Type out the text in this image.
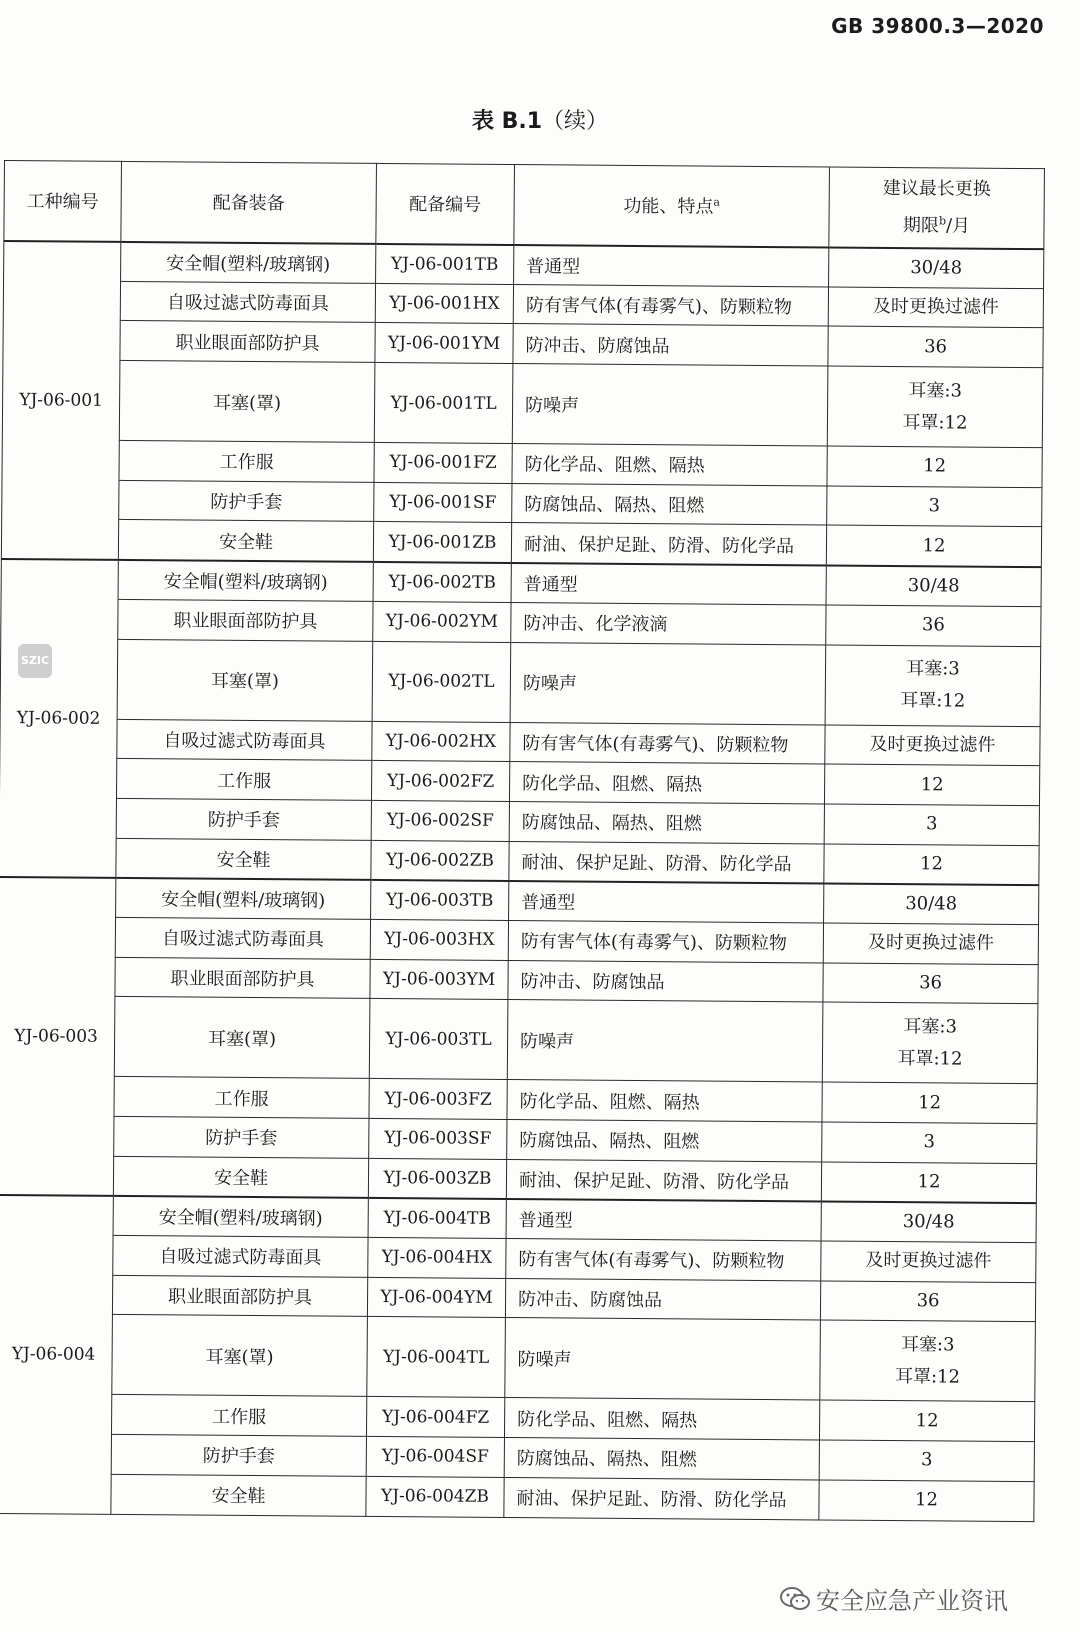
GB 39800.3—2020
表 B.1（续）
工种编号	配备装备	配备编号	功能、特点$^a$	建议最长更换
期限$^b$/月

YJ-06-001	安全帽(塑料/玻璃钢)	YJ-06-001TB	普通型	30/48

	自吸过滤式防毒面具	YJ-06-001HX	防有害气体(有毒雾气)、防颗粒物	及时更换过滤件

	职业眼面部防护具	YJ-06-001YM	防冲击、防腐蚀品	36

	耳塞(罩)	YJ-06-001TL	防噪声	耳塞:3
耳罩:12

	工作服	YJ-06-001FZ	防化学品、阻燃、隔热	12

	防护手套	YJ-06-001SF	防腐蚀品、隔热、阻燃	3

	安全鞋	YJ-06-001ZB	耐油、保护足趾、防滑、防化学品	12

YJ-06-002	安全帽(塑料/玻璃钢)	YJ-06-002TB	普通型	30/48

	职业眼面部防护具	YJ-06-002YM	防冲击、化学液滴	36

	耳塞(罩)	YJ-06-002TL	防噪声	耳塞:3
耳罩:12

	自吸过滤式防毒面具	YJ-06-002HX	防有害气体(有毒雾气)、防颗粒物	及时更换过滤件

	工作服	YJ-06-002FZ	防化学品、阻燃、隔热	12

	防护手套	YJ-06-002SF	防腐蚀品、隔热、阻燃	3

	安全鞋	YJ-06-002ZB	耐油、保护足趾、防滑、防化学品	12

YJ-06-003	安全帽(塑料/玻璃钢)	YJ-06-003TB	普通型	30/48

	自吸过滤式防毒面具	YJ-06-003HX	防有害气体(有毒雾气)、防颗粒物	及时更换过滤件

	职业眼面部防护具	YJ-06-003YM	防冲击、防腐蚀品	36

	耳塞(罩)	YJ-06-003TL	防噪声	耳塞:3
耳罩:12

	工作服	YJ-06-003FZ	防化学品、阻燃、隔热	12

	防护手套	YJ-06-003SF	防腐蚀品、隔热、阻燃	3

	安全鞋	YJ-06-003ZB	耐油、保护足趾、防滑、防化学品	12

YJ-06-004	安全帽(塑料/玻璃钢)	YJ-06-004TB	普通型	30/48

	自吸过滤式防毒面具	YJ-06-004HX	防有害气体(有毒雾气)、防颗粒物	及时更换过滤件

	职业眼面部防护具	YJ-06-004YM	防冲击、防腐蚀品	36

	耳塞(罩)	YJ-06-004TL	防噪声	耳塞:3
耳罩:12

	工作服	YJ-06-004FZ	防化学品、阻燃、隔热	12

	防护手套	YJ-06-004SF	防腐蚀品、隔热、阻燃	3

	安全鞋	YJ-06-004ZB	耐油、保护足趾、防滑、防化学品	12
SZIC
安全应急产业资讯
